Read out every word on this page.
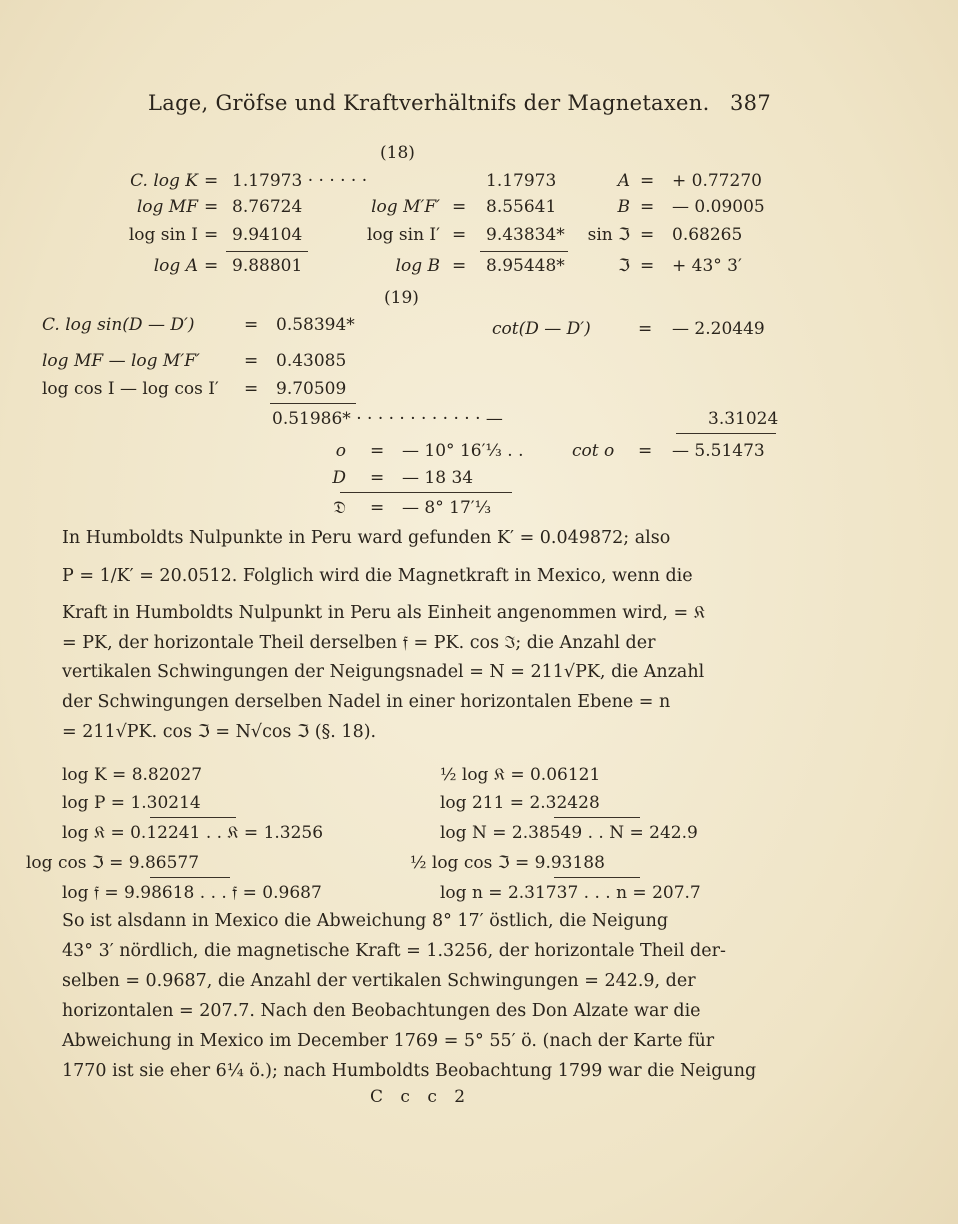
Lage, Gröfse und Kraftverhältnifs der Magnetaxen. 387
(18)
C. log K = 1.17973 · · · · · ·	1.17973	A = + 0.77270
log MF = 8.76724	log M′F′ = 8.55641	B = — 0.09005
log sin I = 9.94104	log sin I′ = 9.43834*	sin ℑ = 0.68265
log A = 9.88801	log B = 8.95448*	ℑ = + 43° 3′
(19)
C. log sin(D — D′)	= 0.58394*	cot(D — D′)	= — 2.20449
log MF — log M′F′	= 0.43085
log cos I — log cos I′ = 9.70509
0.51986* · · · · · · · · · · · · —	3.31024
o = — 10° 16′⅓ . .	cot o = — 5.51473
D = — 18 34
𝔇 = — 8° 17′⅓
In Humboldts Nulpunkte in Peru ward gefunden K′ = 0.049872; also
P = 1/K′ = 20.0512. Folglich wird die Magnetkraft in Mexico, wenn die
Kraft in Humboldts Nulpunkt in Peru als Einheit angenommen wird, = 𝔎
= PK, der horizontale Theil derselben 𝔣 = PK. cos ℑ; die Anzahl der
vertikalen Schwingungen der Neigungsnadel = N = 211√PK, die Anzahl
der Schwingungen derselben Nadel in einer horizontalen Ebene = n
= 211√PK. cos ℑ = N√cos ℑ (§. 18).
log K = 8.82027	½ log 𝔎 = 0.06121
log P = 1.30214	log 211 = 2.32428
log 𝔎 = 0.12241 . . 𝔎 = 1.3256	log N = 2.38549 . . N = 242.9
log cos ℑ = 9.86577	½ log cos ℑ = 9.93188
log 𝔣 = 9.98618 . . . 𝔣 = 0.9687	log n = 2.31737 . . . n = 207.7
So ist alsdann in Mexico die Abweichung 8° 17′ östlich, die Neigung
43° 3′ nördlich, die magnetische Kraft = 1.3256, der horizontale Theil der-
selben = 0.9687, die Anzahl der vertikalen Schwingungen = 242.9, der
horizontalen = 207.7. Nach den Beobachtungen des Don Alzate war die
Abweichung in Mexico im December 1769 = 5° 55′ ö. (nach der Karte für
1770 ist sie eher 6¼ ö.); nach Humboldts Beobachtung 1799 war die Neigung
C c c 2
